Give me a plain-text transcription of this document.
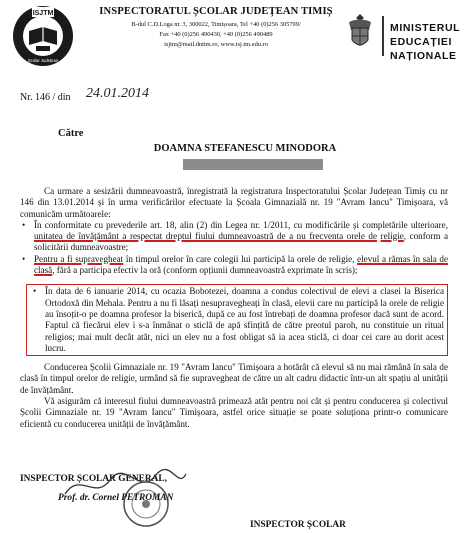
ISJTM
Școlar Județean
INSPECTORATUL ȘCOLAR JUDEȚEAN TIMIȘ
B-dul C.D.Loga nr. 3, 300022, Timișoara, Tel +40 (0)256 305799/
Fax +40 (0)256 490430, +40 (0)256 490489
isjtm@mail.dnttm.ro, www.isj.tm.edu.ro
MINISTERUL
EDUCAȚIEI
NAȚIONALE
Nr. 146 / din 24.01.2014
Către
DOAMNA STEFANESCU MINODORA

Ca urmare a sesizării dumneavoastră, înregistrată la registratura Inspectoratului Școlar Județean Timiș cu nr 146 din 13.01.2014 și în urma verificărilor efectuate la Școala Gimnazială nr. 19 "Avram Iancu" Timișoara, vă comunicăm următoarele:

• În conformitate cu prevederile art. 18, alin (2) din Legea nr. 1/2011, cu modificările și completările ulterioare, unitatea de învățământ a respectat dreptul fiului dumneavoastră de a nu frecventa orele de religie, conform a solicitării dumneavoastre;
• Pentru a fi supravegheat în timpul orelor în care colegii lui participă la orele de religie, elevul a rămas în sala de clasă, fără a participa efectiv la oră (conform opțiunii dumneavoastră exprimate în scris);
• În data de 6 ianuarie 2014, cu ocazia Bobotezei, doamna a condus colectivul de elevi a clasei la Biserica Ortodoxă din Mehala. Pentru a nu fi lăsați nesupravegheați în clasă, elevii care nu participă la orele de religie au însoțit-o pe doamna profesor la biserică, după ce au fost întrebați de doamna profesor dacă sunt de acord. Faptul că fiecărui elev i s-a înmânat o sticlă de apă sfințită de către preotul paroh, nu constituie un ritual religios; mai mult decât atât, nici un elev nu a fost obligat să ia acea sticlă, ci doar cei care au dorit acest lucru.

Conducerea Școlii Gimnaziale nr. 19 "Avram Iancu" Timișoara a hotărât că elevul să nu mai rămână în sala de clasă în timpul orelor de religie, urmând să fie supravegheat de către un alt cadru didactic într-un alt spațiu al unității de învățământ.

Vă asigurăm că interesul fiului dumneavoastră primează atât pentru noi cât și pentru conducerea și colectivul Școlii Gimnaziale nr. 19 "Avram Iancu" Timișoara, astfel orice situație se poate soluționa printr-o comunicare eficientă cu conducerea unității de învățământ.

INSPECTOR ȘCOLAR GENERAL,
Prof. dr. Cornel PETROMAN
INSPECTOR ȘCOLAR
